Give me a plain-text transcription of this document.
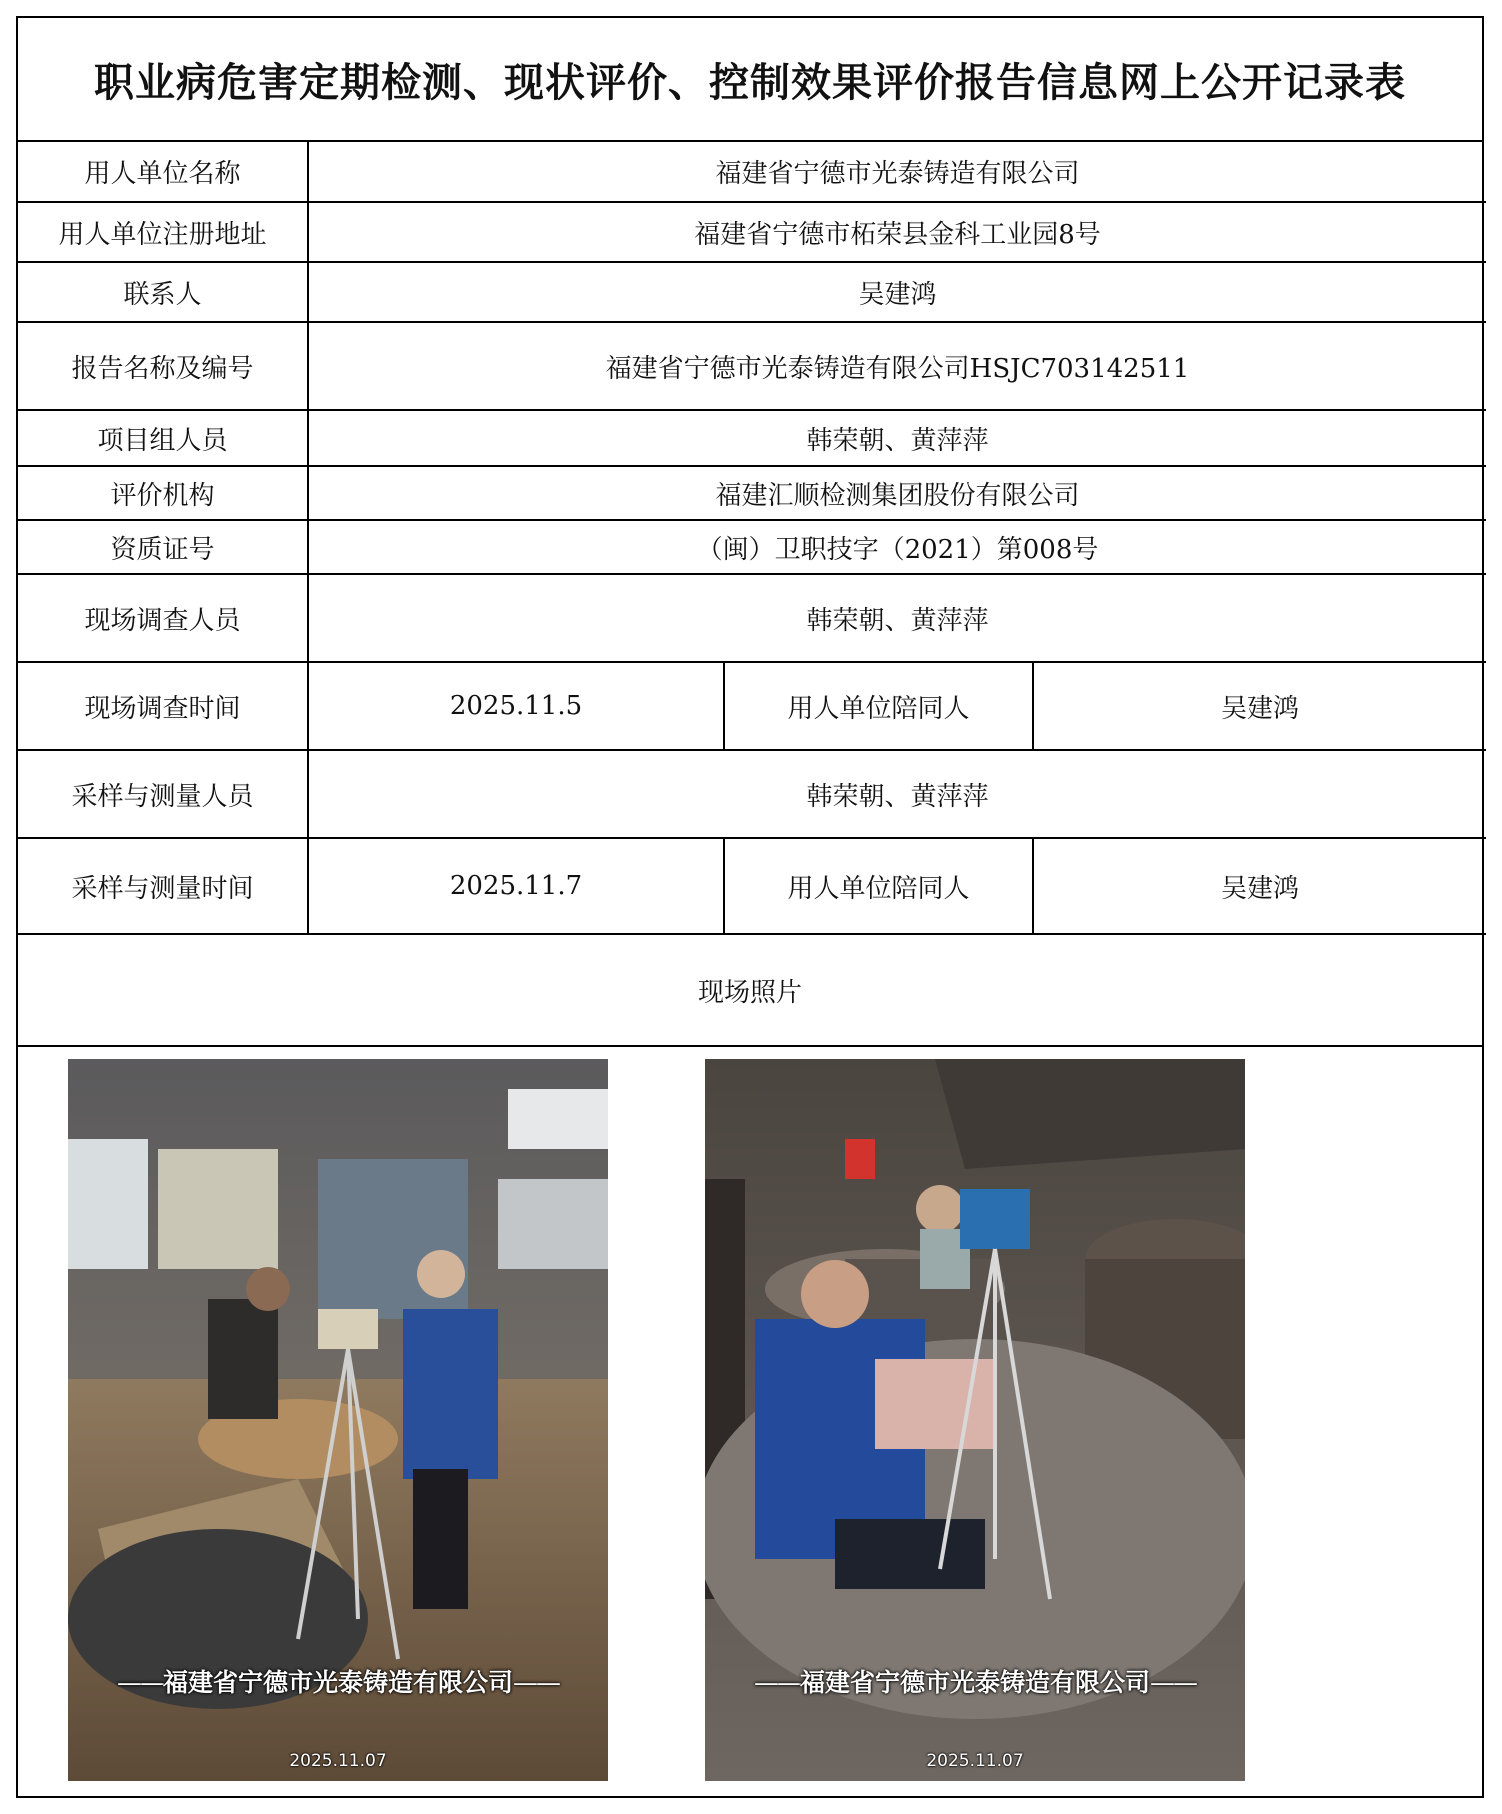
职业病危害定期检测、现状评价、控制效果评价报告信息网上公开记录表
用人单位名称	福建省宁德市光泰铸造有限公司		
用人单位注册地址	福建省宁德市柘荣县金科工业园8号		
联系人	吴建鸿		
报告名称及编号	福建省宁德市光泰铸造有限公司HSJC703142511		
项目组人员	韩荣朝、黄萍萍		
评价机构	福建汇顺检测集团股份有限公司		
资质证号	（闽）卫职技字（2021）第008号		
现场调查人员	韩荣朝、黄萍萍		
现场调查时间	2025.11.5	用人单位陪同人	吴建鸿
采样与测量人员	韩荣朝、黄萍萍		
采样与测量时间	2025.11.7	用人单位陪同人	吴建鸿
现场照片
——福建省宁德市光泰铸造有限公司——
2025.11.07
——福建省宁德市光泰铸造有限公司——
2025.11.07
